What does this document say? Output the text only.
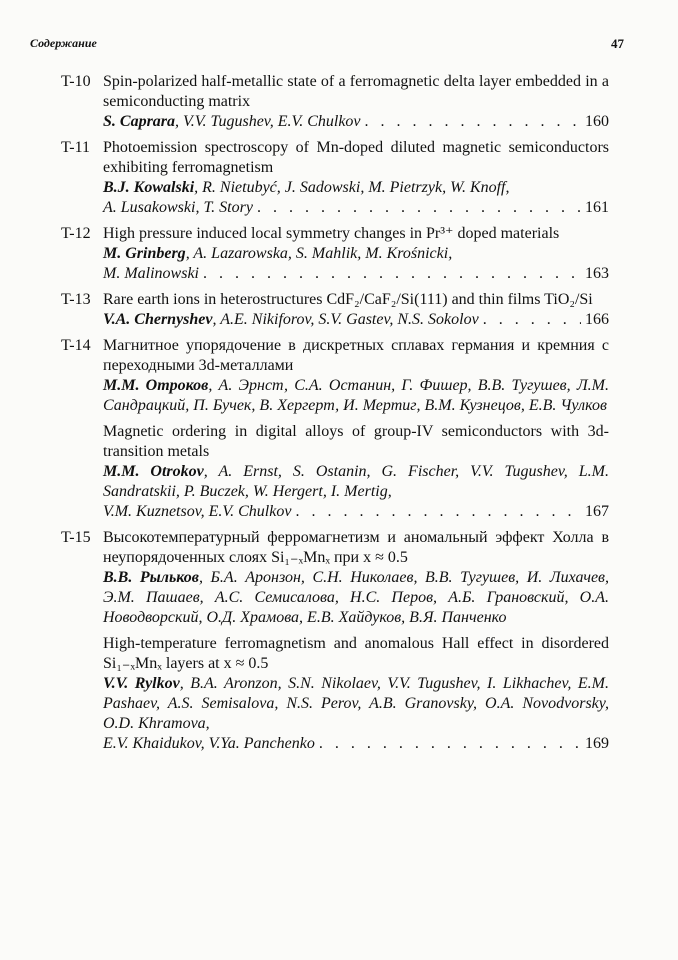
Содержание	47
T-10 Spin-polarized half-metallic state of a ferromagnetic delta layer embedded in a semiconducting matrix
S. Caprara, V.V. Tugushev, E.V. Chulkov . . .	160
T-11 Photoemission spectroscopy of Mn-doped diluted magnetic semiconductors exhibiting ferromagnetism
B.J. Kowalski, R. Nietubyć, J. Sadowski, M. Pietrzyk, W. Knoff,
A. Lusakowski, T. Story . . .	161
T-12 High pressure induced local symmetry changes in Pr³⁺ doped materials
M. Grinberg, A. Lazarowska, S. Mahlik, M. Krośnicki,
M. Malinowski . . .	163
T-13 Rare earth ions in heterostructures CdF₂/CaF₂/Si(111) and thin films TiO₂/Si
V.A. Chernyshev, A.E. Nikiforov, S.V. Gastev, N.S. Sokolov . . .	166
T-14 Магнитное упорядочение в дискретных сплавах германия и кремния с переходными 3d-металлами
М.М. Отроков, А. Эрнст, С.А. Останин, Г. Фишер, В.В. Тугушев, Л.М. Сандрацкий, П. Бучек, В. Хергерт, И. Мертиг, В.М. Кузнецов, Е.В. Чулков
Magnetic ordering in digital alloys of group-IV semiconductors with 3d-transition metals
M.M. Otrokov, A. Ernst, S. Ostanin, G. Fischer, V.V. Tugushev, L.M. Sandratskii, P. Buczek, W. Hergert, I. Mertig,
V.M. Kuznetsov, E.V. Chulkov . . .	167
T-15 Высокотемпературный ферромагнетизм и аномальный эффект Холла в неупорядоченных слоях Si₁₋ₓMnₓ при x ≈ 0.5
В.В. Рыльков, Б.А. Аронзон, С.Н. Николаев, В.В. Тугушев, И. Лихачев, Э.М. Пашаев, А.С. Семисалова, Н.С. Перов, А.Б. Грановский, О.А. Новодворский, О.Д. Храмова, Е.В. Хайдуков, В.Я. Панченко
High-temperature ferromagnetism and anomalous Hall effect in disordered Si₁₋ₓMnₓ layers at x ≈ 0.5
V.V. Rylkov, B.A. Aronzon, S.N. Nikolaev, V.V. Tugushev, I. Likhachev, E.M. Pashaev, A.S. Semisalova, N.S. Perov, A.B. Granovsky, O.A. Novodvorsky, O.D. Khramova,
E.V. Khaidukov, V.Ya. Panchenko . . .	169
